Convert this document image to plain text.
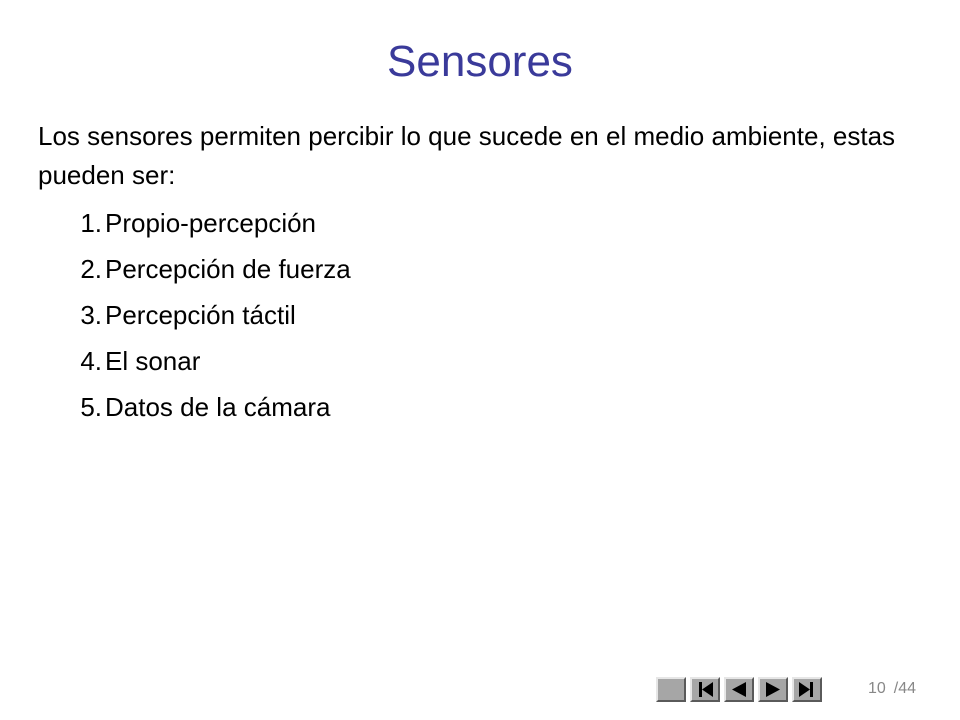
Sensores

Los sensores permiten percibir lo que sucede en el medio ambiente, estas pueden ser:

1. Propio-percepción
2. Percepción de fuerza
3. Percepción táctil
4. El sonar
5. Datos de la cámara
10 /44
